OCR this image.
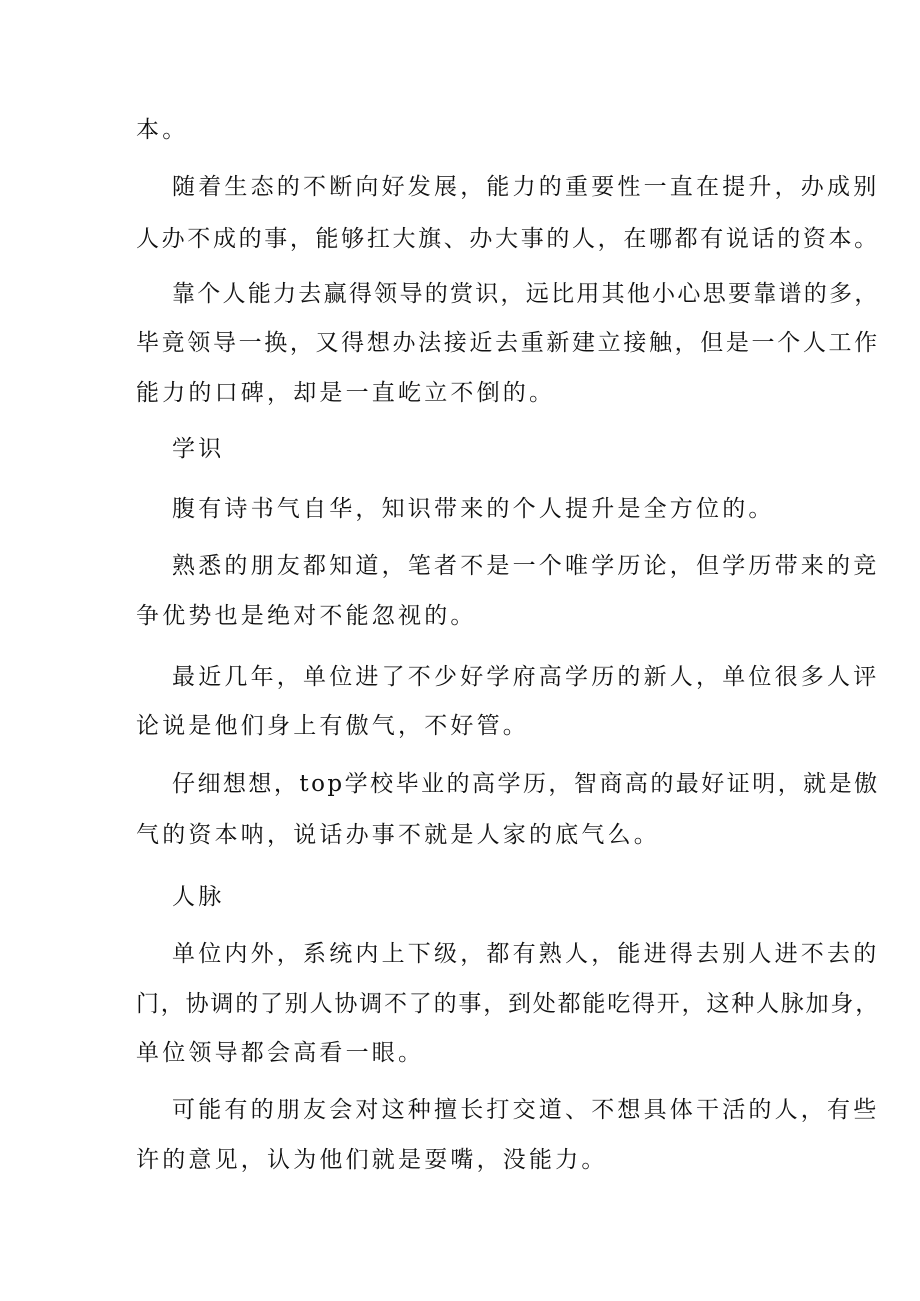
本。
随着生态的不断向好发展，能力的重要性一直在提升，办成别
人办不成的事，能够扛大旗、办大事的人，在哪都有说话的资本。
靠个人能力去赢得领导的赏识，远比用其他小心思要靠谱的多，
毕竟领导一换，又得想办法接近去重新建立接触，但是一个人工作
能力的口碑，却是一直屹立不倒的。
学识
腹有诗书气自华，知识带来的个人提升是全方位的。
熟悉的朋友都知道，笔者不是一个唯学历论，但学历带来的竞
争优势也是绝对不能忽视的。
最近几年，单位进了不少好学府高学历的新人，单位很多人评
论说是他们身上有傲气，不好管。
仔细想想，top学校毕业的高学历，智商高的最好证明，就是傲
气的资本呐，说话办事不就是人家的底气么。
人脉
单位内外，系统内上下级，都有熟人，能进得去别人进不去的
门，协调的了别人协调不了的事，到处都能吃得开，这种人脉加身，
单位领导都会高看一眼。
可能有的朋友会对这种擅长打交道、不想具体干活的人，有些
许的意见，认为他们就是耍嘴，没能力。
